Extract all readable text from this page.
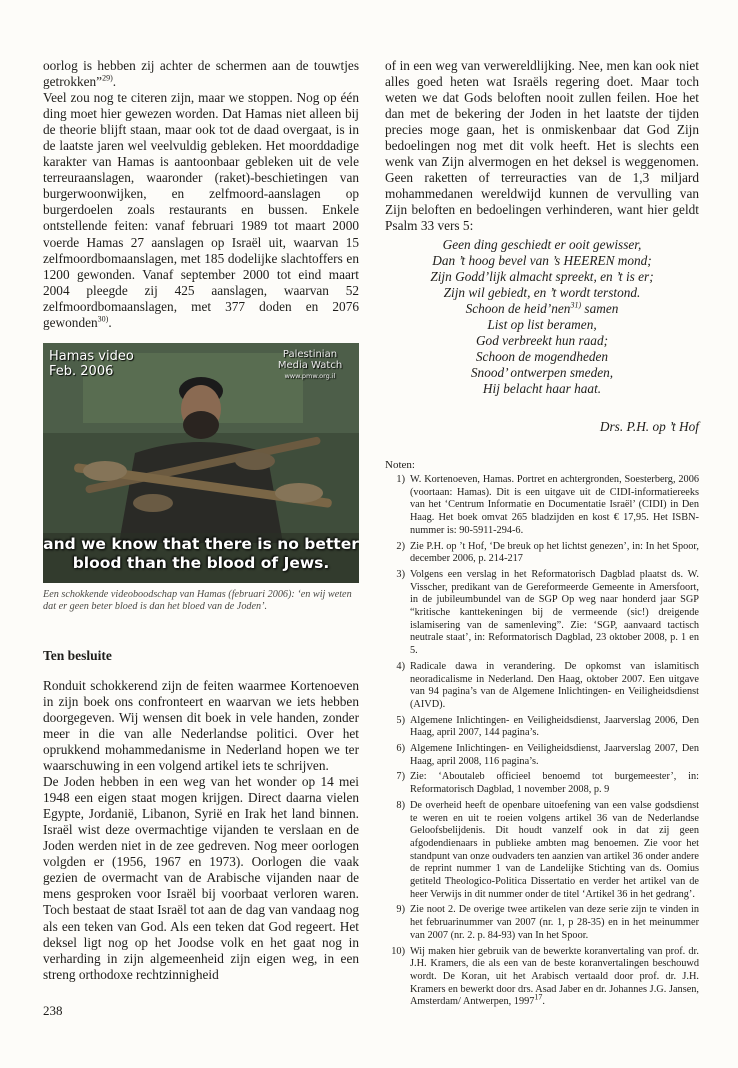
oorlog is hebben zij achter de schermen aan de touwtjes getrokken”$^{29)}$.

Veel zou nog te citeren zijn, maar we stoppen. Nog op één ding moet hier gewezen worden. Dat Hamas niet alleen bij de theorie blijft staan, maar ook tot de daad overgaat, is in de laatste jaren wel veelvuldig gebleken. Het moorddadige karakter van Hamas is aantoonbaar gebleken uit de vele terreuraanslagen, waaronder (raket)-beschietingen van burgerwoonwijken, en zelfmoord-aanslagen op burgerdoelen zoals restaurants en bussen. Enkele ontstellende feiten: vanaf februari 1989 tot maart 2000 voerde Hamas 27 aanslagen op Israël uit, waarvan 15 zelfmoordbomaanslagen, met 185 dodelijke slachtoffers en 1200 gewonden. Vanaf september 2000 tot eind maart 2004 pleegde zij 425 aanslagen, waarvan 52 zelfmoordbomaanslagen, met 377 doden en 2076 gewonden$^{30)}$.

Hamas video
Feb. 2006
Palestinian
Media Watch
www.pmw.org.il
and we know that there is no better
blood than the blood of Jews.

Een schokkende videoboodschap van Hamas (februari 2006): ‘en wij weten dat er geen beter bloed is dan het bloed van de Joden’.

Ten besluite

Ronduit schokkerend zijn de feiten waarmee Kortenoeven in zijn boek ons confronteert en waarvan we iets hebben doorgegeven. Wij wensen dit boek in vele handen, zonder meer in die van alle Nederlandse politici. Over het oprukkend mohammedanisme in Nederland hopen we ter waarschuwing in een volgend artikel iets te schrijven.

De Joden hebben in een weg van het wonder op 14 mei 1948 een eigen staat mogen krijgen. Direct daarna vielen Egypte, Jordanië, Libanon, Syrië en Irak het land binnen. Israël wist deze overmachtige vijanden te verslaan en de Joden werden niet in de zee gedreven. Nog meer oorlogen volgden er (1956, 1967 en 1973). Oorlogen die vaak gezien de overmacht van de Arabische vijanden naar de mens gesproken voor Israël bij voorbaat verloren waren. Toch bestaat de staat Israël tot aan de dag van vandaag nog als een teken van God. Als een teken dat God regeert. Het deksel ligt nog op het Joodse volk en het gaat nog in verharding in zijn algemeenheid zijn eigen weg, in een streng orthodoxe rechtzinnigheid

of in een weg van verwereldlijking. Nee, men kan ook niet alles goed heten wat Israëls regering doet. Maar toch weten we dat Gods beloften nooit zullen feilen. Hoe het dan met de bekering der Joden in het laatste der tijden precies moge gaan, het is onmiskenbaar dat God Zijn bedoelingen nog met dit volk heeft. Het is slechts een wenk van Zijn alvermogen en het deksel is weggenomen. Geen raketten of terreuracties van de 1,3 miljard mohammedanen wereldwijd kunnen de vervulling van Zijn beloften en bedoelingen verhinderen, want hier geldt Psalm 33 vers 5:

Geen ding geschiedt er ooit gewisser,
Dan ’t hoog bevel van ’s HEEREN mond;
Zijn Godd’lijk almacht spreekt, en ’t is er;
Zijn wil gebiedt, en ’t wordt terstond.
Schoon de heid’nen$^{31)}$ samen
List op list beramen,
God verbreekt hun raad;
Schoon de mogendheden
Snood’ ontwerpen smeden,
Hij belacht haar haat.
Drs. P.H. op ’t Hof
Noten:
1) W. Kortenoeven, Hamas. Portret en achtergronden, Soesterberg, 2006 (voortaan: Hamas). Dit is een uitgave uit de CIDI-informatiereeks van het ‘Centrum Informatie en Documentatie Israël’ (CIDI) in Den Haag. Het boek omvat 265 bladzijden en kost € 17,95. Het ISBN-nummer is: 90-5911-294-6.
2) Zie P.H. op ’t Hof, ‘De breuk op het lichtst genezen’, in: In het Spoor, december 2006, p. 214-217
3) Volgens een verslag in het Reformatorisch Dagblad plaatst ds. W. Visscher, predikant van de Gereformeerde Gemeente in Amersfoort, in de jubileumbundel van de SGP Op weg naar honderd jaar SGP “kritische kanttekeningen bij de vermeende (sic!) dreigende islamisering van de samenleving”. Zie: ‘SGP, aanvaard tactisch neutrale staat’, in: Reformatorisch Dagblad, 23 oktober 2008, p. 1 en 5.
4) Radicale dawa in verandering. De opkomst van islamitisch neoradicalisme in Nederland. Den Haag, oktober 2007. Een uitgave van 94 pagina’s van de Algemene Inlichtingen- en Veiligheidsdienst (AIVD).
5) Algemene Inlichtingen- en Veiligheidsdienst, Jaarverslag 2006, Den Haag, april 2007, 144 pagina’s.
6) Algemene Inlichtingen- en Veiligheidsdienst, Jaarverslag 2007, Den Haag, april 2008, 116 pagina’s.
7) Zie: ‘Aboutaleb officieel benoemd tot burgemeester’, in: Reformatorisch Dagblad, 1 november 2008, p. 9
8) De overheid heeft de openbare uitoefening van een valse godsdienst te weren en uit te roeien volgens artikel 36 van de Nederlandse Geloofsbelijdenis. Dit houdt vanzelf ook in dat zij geen afgodendienaars in publieke ambten mag benoemen. Zie voor het standpunt van onze oudvaders ten aanzien van artikel 36 onder andere de reprint nummer 1 van de Landelijke Stichting van ds. Oomius getiteld Theologico-Politica Dissertatio en verder het artikel van de heer Verwijs in dit nummer onder de titel ‘Artikel 36 in het gedrang’.
9) Zie noot 2. De overige twee artikelen van deze serie zijn te vinden in het februarinummer van 2007 (nr. 1, p 28-35) en in het meinummer van 2007 (nr. 2. p. 84-93) van In het Spoor.
10) Wij maken hier gebruik van de bewerkte koranvertaling van prof. dr. J.H. Kramers, die als een van de beste koranvertalingen beschouwd wordt. De Koran, uit het Arabisch vertaald door prof. dr. J.H. Kramers en bewerkt door drs. Asad Jaber en dr. Johannes J.G. Jansen, Amsterdam/ Antwerpen, 1997$^{17}$.
238
